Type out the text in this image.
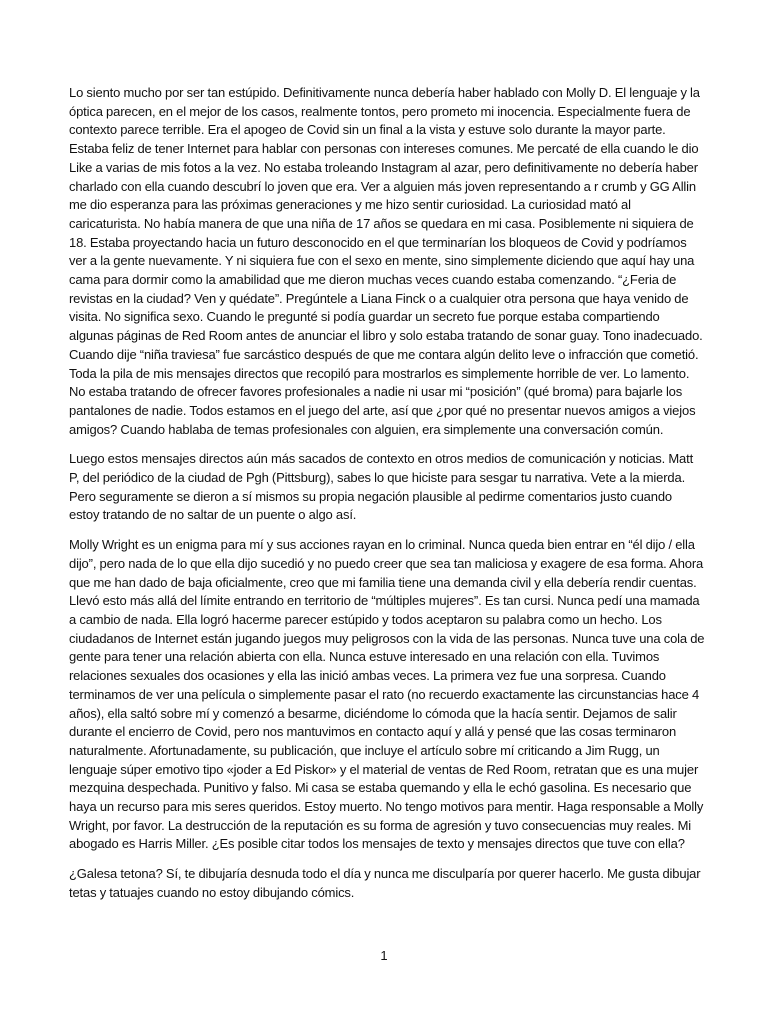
Lo siento mucho por ser tan estúpido. Definitivamente nunca debería haber hablado con Molly D. El lenguaje y la óptica parecen, en el mejor de los casos, realmente tontos, pero prometo mi inocencia. Especialmente fuera de contexto parece terrible. Era el apogeo de Covid sin un final a la vista y estuve solo durante la mayor parte. Estaba feliz de tener Internet para hablar con personas con intereses comunes. Me percaté de ella cuando le dio Like a varias de mis fotos a la vez. No estaba troleando Instagram al azar, pero definitivamente no debería haber charlado con ella cuando descubrí lo joven que era. Ver a alguien más joven representando a r crumb y GG Allin me dio esperanza para las próximas generaciones y me hizo sentir curiosidad. La curiosidad mató al caricaturista. No había manera de que una niña de 17 años se quedara en mi casa. Posiblemente ni siquiera de 18. Estaba proyectando hacia un futuro desconocido en el que terminarían los bloqueos de Covid y podríamos ver a la gente nuevamente. Y ni siquiera fue con el sexo en mente, sino simplemente diciendo que aquí hay una cama para dormir como la amabilidad que me dieron muchas veces cuando estaba comenzando. “¿Feria de revistas en la ciudad? Ven y quédate”. Pregúntele a Liana Finck o a cualquier otra persona que haya venido de visita. No significa sexo. Cuando le pregunté si podía guardar un secreto fue porque estaba compartiendo algunas páginas de Red Room antes de anunciar el libro y solo estaba tratando de sonar guay. Tono inadecuado. Cuando dije “niña traviesa” fue sarcástico después de que me contara algún delito leve o infracción que cometió. Toda la pila de mis mensajes directos que recopiló para mostrarlos es simplemente horrible de ver. Lo lamento. No estaba tratando de ofrecer favores profesionales a nadie ni usar mi “posición” (qué broma) para bajarle los pantalones de nadie. Todos estamos en el juego del arte, así que ¿por qué no presentar nuevos amigos a viejos amigos? Cuando hablaba de temas profesionales con alguien, era simplemente una conversación común.

Luego estos mensajes directos aún más sacados de contexto en otros medios de comunicación y noticias. Matt P, del periódico de la ciudad de Pgh (Pittsburg), sabes lo que hiciste para sesgar tu narrativa. Vete a la mierda. Pero seguramente se dieron a sí mismos su propia negación plausible al pedirme comentarios justo cuando estoy tratando de no saltar de un puente o algo así.

Molly Wright es un enigma para mí y sus acciones rayan en lo criminal. Nunca queda bien entrar en “él dijo / ella dijo”, pero nada de lo que ella dijo sucedió y no puedo creer que sea tan maliciosa y exagere de esa forma. Ahora que me han dado de baja oficialmente, creo que mi familia tiene una demanda civil y ella debería rendir cuentas. Llevó esto más allá del límite entrando en territorio de “múltiples mujeres”. Es tan cursi. Nunca pedí una mamada a cambio de nada. Ella logró hacerme parecer estúpido y todos aceptaron su palabra como un hecho. Los ciudadanos de Internet están jugando juegos muy peligrosos con la vida de las personas. Nunca tuve una cola de gente para tener una relación abierta con ella. Nunca estuve interesado en una relación con ella. Tuvimos relaciones sexuales dos ocasiones y ella las inició ambas veces. La primera vez fue una sorpresa. Cuando terminamos de ver una película o simplemente pasar el rato (no recuerdo exactamente las circunstancias hace 4 años), ella saltó sobre mí y comenzó a besarme, diciéndome lo cómoda que la hacía sentir. Dejamos de salir durante el encierro de Covid, pero nos mantuvimos en contacto aquí y allá y pensé que las cosas terminaron naturalmente. Afortunadamente, su publicación, que incluye el artículo sobre mí criticando a Jim Rugg, un lenguaje súper emotivo tipo «joder a Ed Piskor» y el material de ventas de Red Room, retratan que es una mujer mezquina despechada. Punitivo y falso. Mi casa se estaba quemando y ella le echó gasolina. Es necesario que haya un recurso para mis seres queridos. Estoy muerto. No tengo motivos para mentir. Haga responsable a Molly Wright, por favor. La destrucción de la reputación es su forma de agresión y tuvo consecuencias muy reales. Mi abogado es Harris Miller. ¿Es posible citar todos los mensajes de texto y mensajes directos que tuve con ella?

¿Galesa tetona? Sí, te dibujaría desnuda todo el día y nunca me disculparía por querer hacerlo. Me gusta dibujar tetas y tatuajes cuando no estoy dibujando cómics.

1
